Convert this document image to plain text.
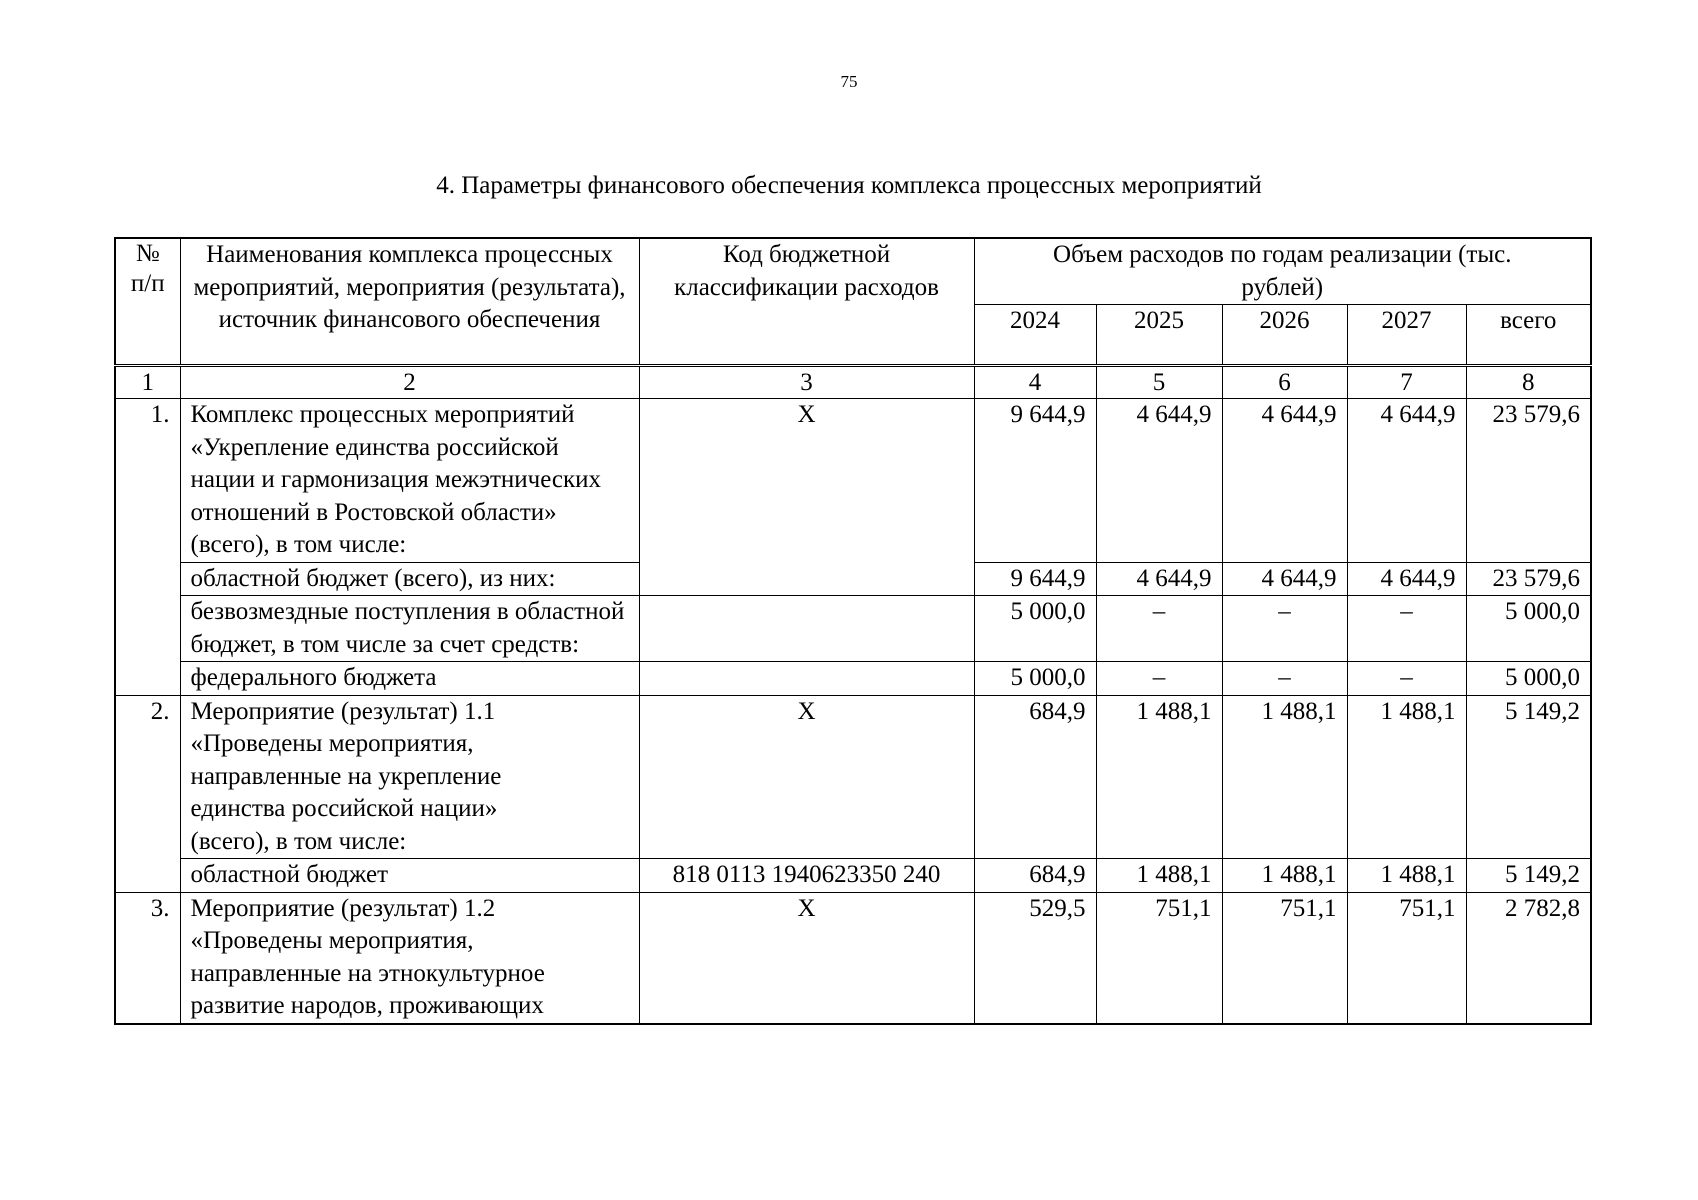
75
4. Параметры финансового обеспечения комплекса процессных мероприятий
№
п/п	Наименования комплекса процессных мероприятий, мероприятия (результата), источник финансового обеспечения	Код бюджетной классификации расходов	Объем расходов по годам реализации (тыс. рублей)				
			2024	2025	2026	2027	всего
1	2	3	4	5	6	7	8
1.	Комплекс процессных мероприятий «Укрепление единства российской нации и гармонизация межэтнических отношений в Ростовской области» (всего), в том числе:	Х	9 644,9	4 644,9	4 644,9	4 644,9	23 579,6
	областной бюджет (всего), из них:		9 644,9	4 644,9	4 644,9	4 644,9	23 579,6
	безвозмездные поступления в областной бюджет, в том числе за счет средств:		5 000,0	–	–	–	5 000,0
	федерального бюджета		5 000,0	–	–	–	5 000,0
2.	Мероприятие (результат) 1.1 «Проведены мероприятия, направленные на укрепление единства российской нации» (всего), в том числе:	Х	684,9	1 488,1	1 488,1	1 488,1	5 149,2
	областной бюджет	818 0113 1940623350 240	684,9	1 488,1	1 488,1	1 488,1	5 149,2
3.	Мероприятие (результат) 1.2 «Проведены мероприятия, направленные на этнокультурное развитие народов, проживающих	Х	529,5	751,1	751,1	751,1	2 782,8
